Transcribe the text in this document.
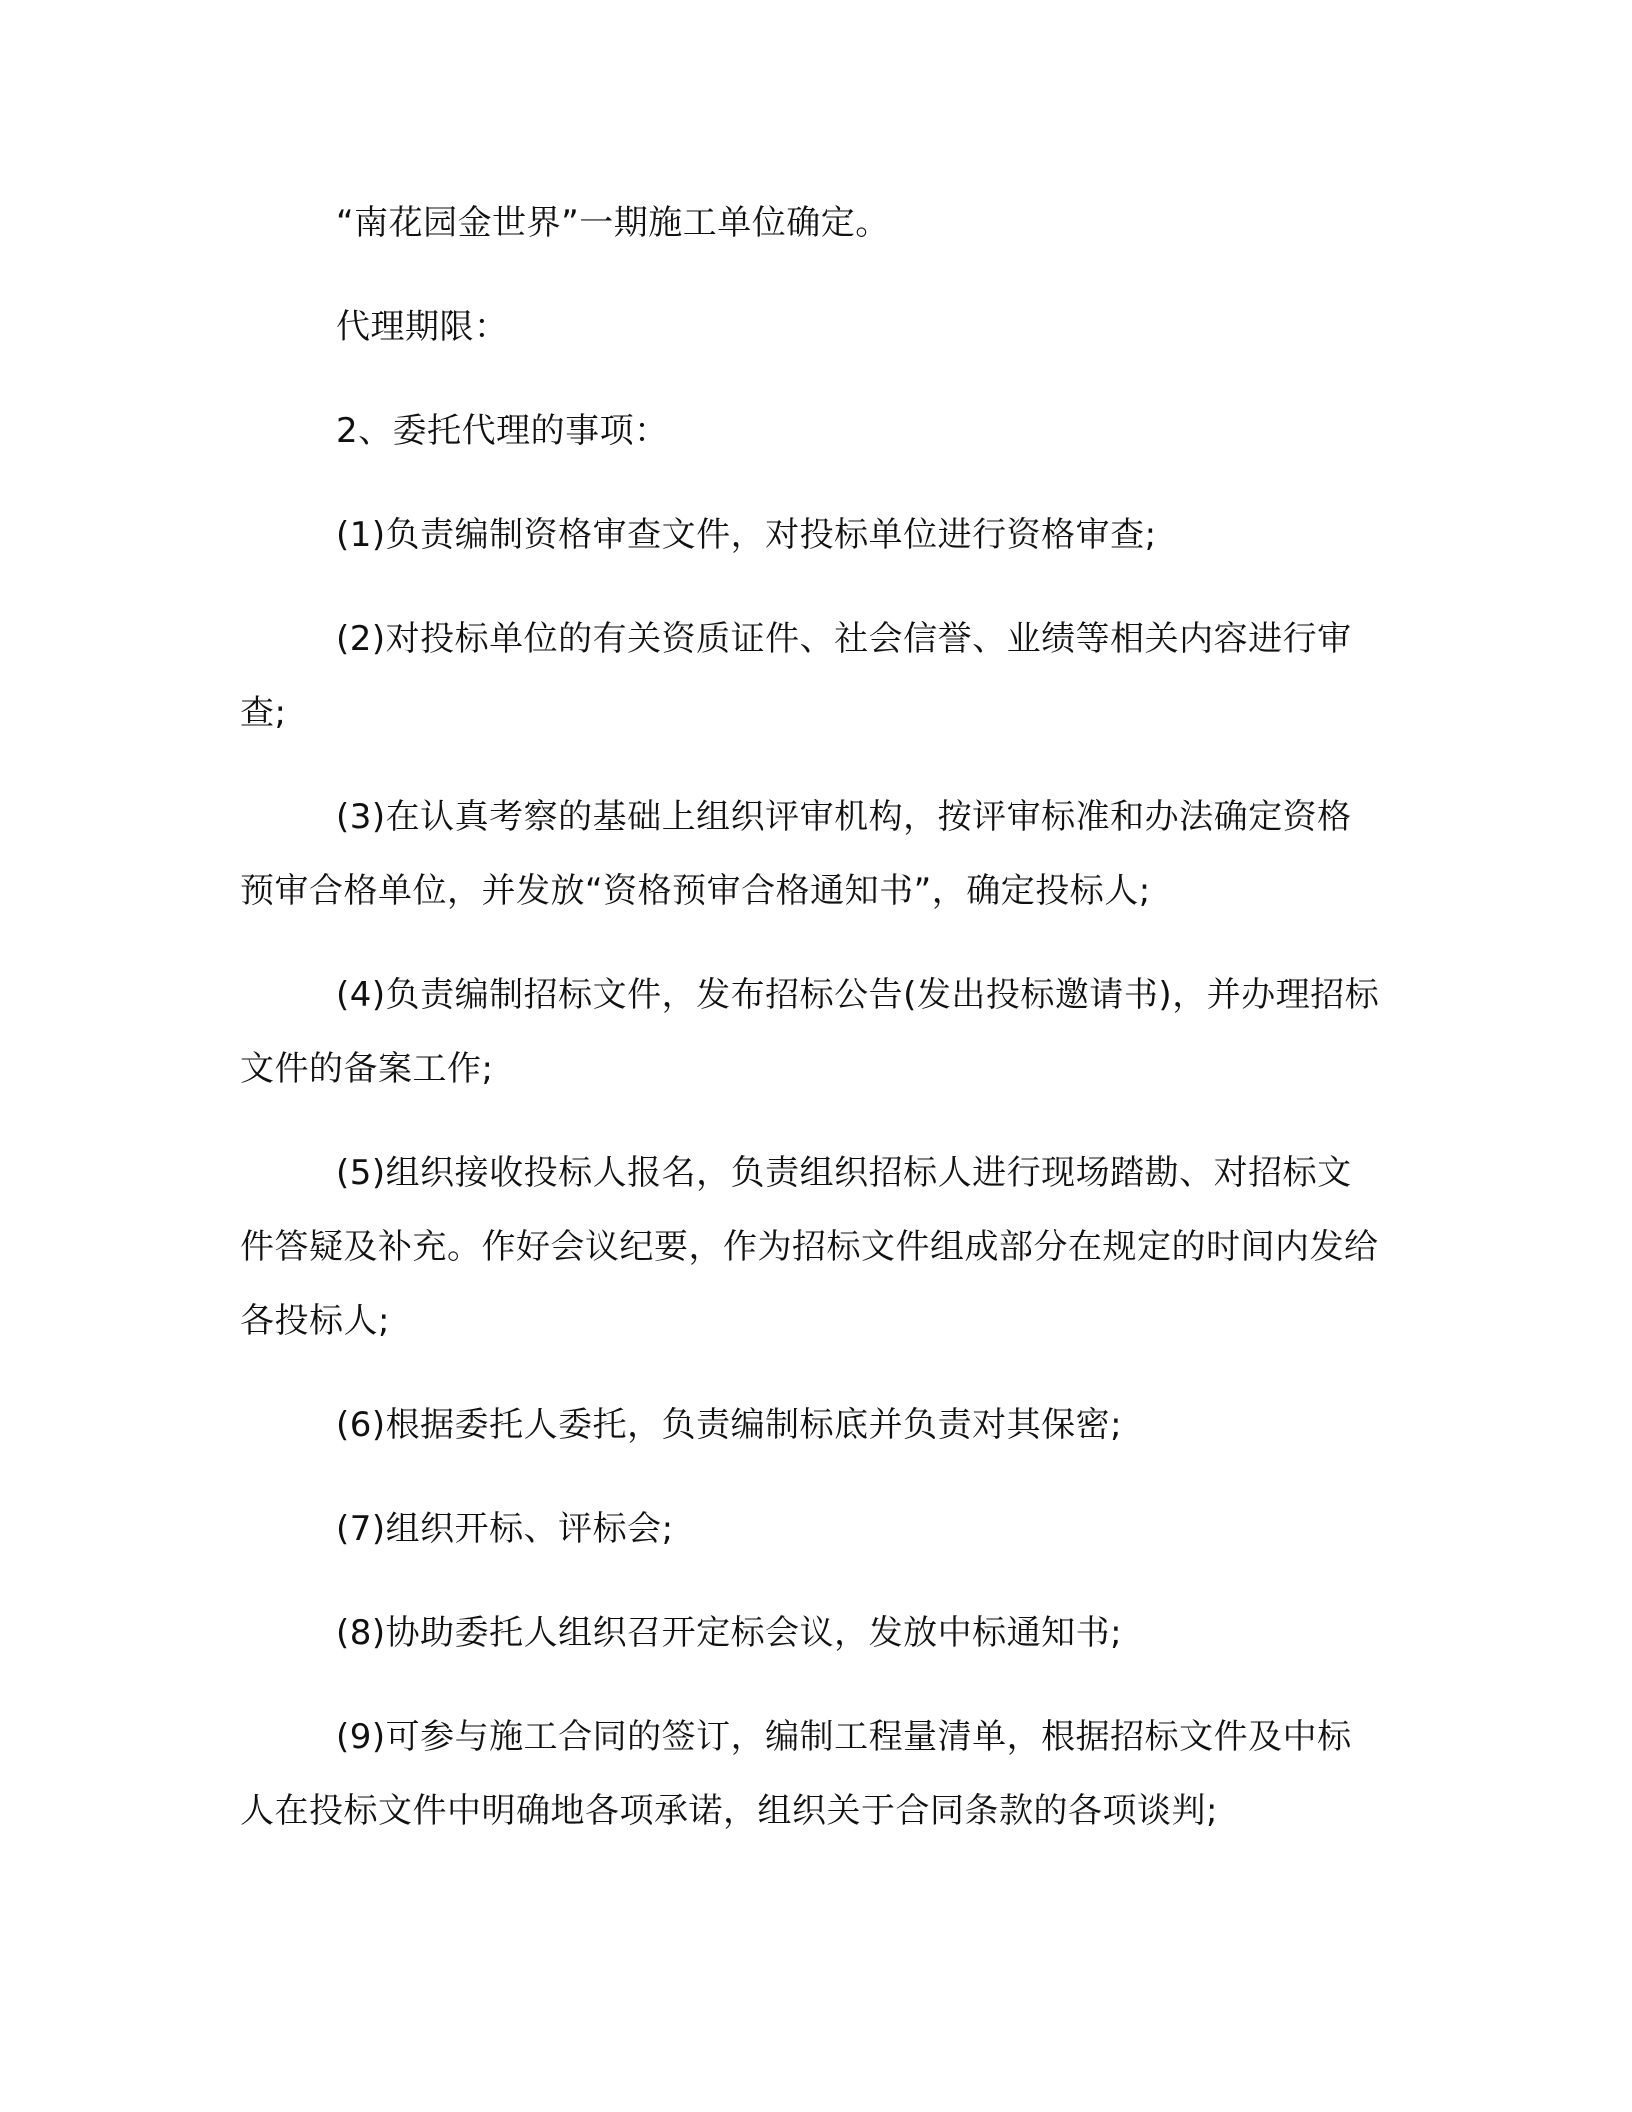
“南花园金世界”一期施工单位确定。

代理期限：

2、委托代理的事项：

(1)负责编制资格审查文件，对投标单位进行资格审查;

(2)对投标单位的有关资质证件、社会信誉、业绩等相关内容进行审查;

(3)在认真考察的基础上组织评审机构，按评审标准和办法确定资格预审合格单位，并发放“资格预审合格通知书”，确定投标人;

(4)负责编制招标文件，发布招标公告(发出投标邀请书)，并办理招标文件的备案工作;

(5)组织接收投标人报名，负责组织招标人进行现场踏勘、对招标文件答疑及补充。作好会议纪要，作为招标文件组成部分在规定的时间内发给各投标人;

(6)根据委托人委托，负责编制标底并负责对其保密;

(7)组织开标、评标会;

(8)协助委托人组织召开定标会议，发放中标通知书;

(9)可参与施工合同的签订，编制工程量清单，根据招标文件及中标人在投标文件中明确地各项承诺，组织关于合同条款的各项谈判;
